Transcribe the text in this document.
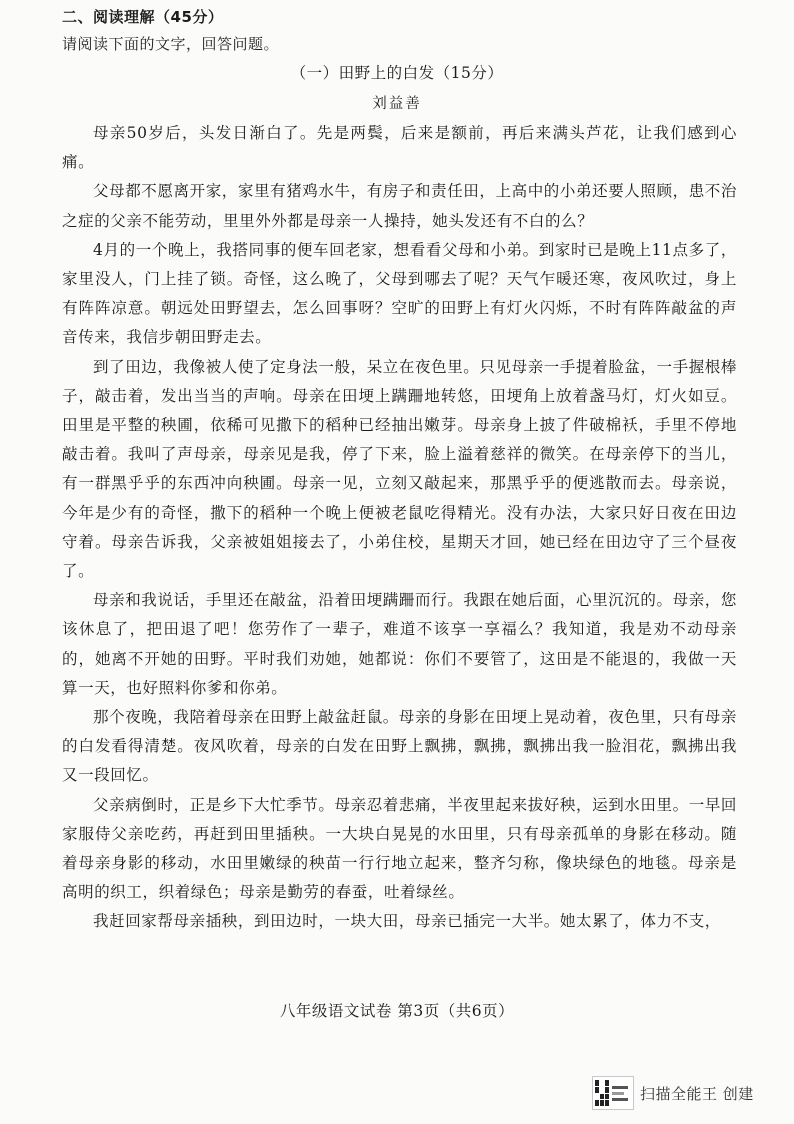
二、阅读理解（45分）
请阅读下面的文字，回答问题。
（一）田野上的白发（15分）
刘益善

母亲50岁后，头发日渐白了。先是两鬓，后来是额前，再后来满头芦花，让我们感到心痛。

父母都不愿离开家，家里有猪鸡水牛，有房子和责任田，上高中的小弟还要人照顾，患不治之症的父亲不能劳动，里里外外都是母亲一人操持，她头发还有不白的么？

4月的一个晚上，我搭同事的便车回老家，想看看父母和小弟。到家时已是晚上11点多了，家里没人，门上挂了锁。奇怪，这么晚了，父母到哪去了呢？天气乍暖还寒，夜风吹过，身上有阵阵凉意。朝远处田野望去，怎么回事呀？空旷的田野上有灯火闪烁，不时有阵阵敲盆的声音传来，我信步朝田野走去。

到了田边，我像被人使了定身法一般，呆立在夜色里。只见母亲一手提着脸盆，一手握根棒子，敲击着，发出当当的声响。母亲在田埂上蹒跚地转悠，田埂角上放着盏马灯，灯火如豆。田里是平整的秧圃，依稀可见撒下的稻种已经抽出嫩芽。母亲身上披了件破棉袄，手里不停地敲击着。我叫了声母亲，母亲见是我，停了下来，脸上溢着慈祥的微笑。在母亲停下的当儿，有一群黑乎乎的东西冲向秧圃。母亲一见，立刻又敲起来，那黑乎乎的便逃散而去。母亲说，今年是少有的奇怪，撒下的稻种一个晚上便被老鼠吃得精光。没有办法，大家只好日夜在田边守着。母亲告诉我，父亲被姐姐接去了，小弟住校，星期天才回，她已经在田边守了三个昼夜了。

母亲和我说话，手里还在敲盆，沿着田埂蹒跚而行。我跟在她后面，心里沉沉的。母亲，您该休息了，把田退了吧！您劳作了一辈子，难道不该享一享福么？我知道，我是劝不动母亲的，她离不开她的田野。平时我们劝她，她都说：你们不要管了，这田是不能退的，我做一天算一天，也好照料你爹和你弟。

那个夜晚，我陪着母亲在田野上敲盆赶鼠。母亲的身影在田埂上晃动着，夜色里，只有母亲的白发看得清楚。夜风吹着，母亲的白发在田野上飘拂，飘拂，飘拂出我一脸泪花，飘拂出我又一段回忆。

父亲病倒时，正是乡下大忙季节。母亲忍着悲痛，半夜里起来拔好秧，运到水田里。一早回家服侍父亲吃药，再赶到田里插秧。一大块白晃晃的水田里，只有母亲孤单的身影在移动。随着母亲身影的移动，水田里嫩绿的秧苗一行行地立起来，整齐匀称，像块绿色的地毯。母亲是高明的织工，织着绿色；母亲是勤劳的春蚕，吐着绿丝。

我赶回家帮母亲插秧，到田边时，一块大田，母亲已插完一大半。她太累了，体力不支，

八年级语文试卷 第3页（共6页）
扫描全能王 创建
